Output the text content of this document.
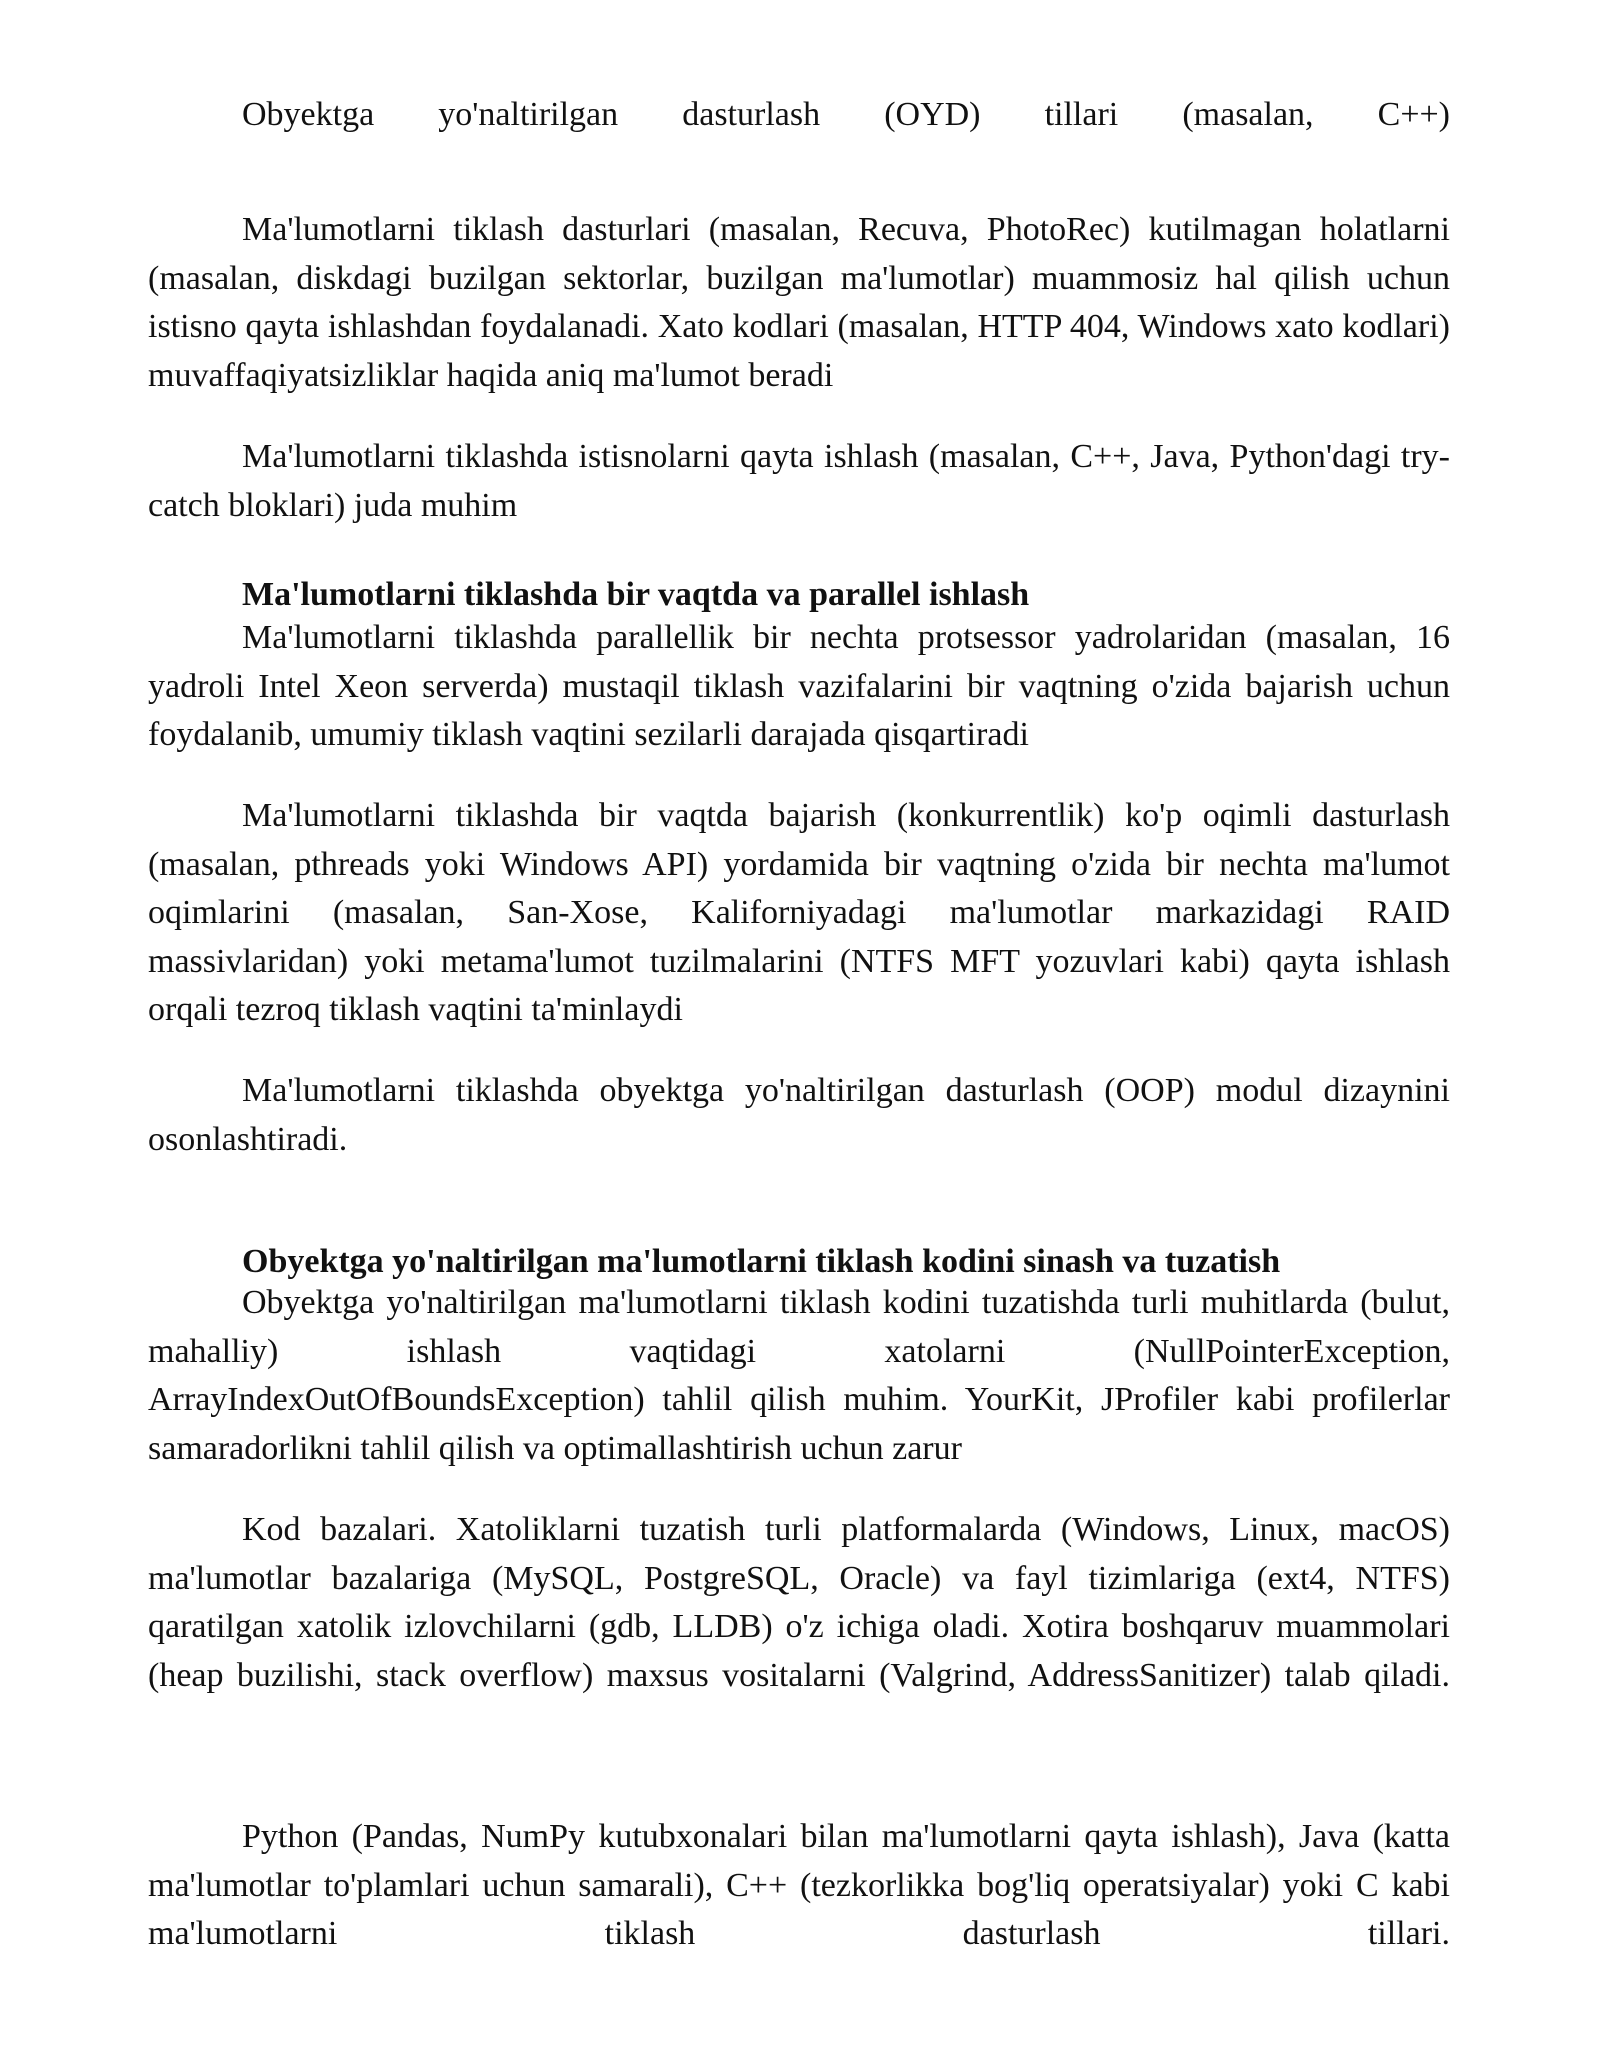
Obyektga yo'naltirilgan dasturlash (OYD) tillari (masalan, C++)

Ma'lumotlarni tiklash dasturlari (masalan, Recuva, PhotoRec) kutilmagan holatlarni (masalan, diskdagi buzilgan sektorlar, buzilgan ma'lumotlar) muammosiz hal qilish uchun istisno qayta ishlashdan foydalanadi. Xato kodlari (masalan, HTTP 404, Windows xato kodlari) muvaffaqiyatsizliklar haqida aniq ma'lumot beradi

Ma'lumotlarni tiklashda istisnolarni qayta ishlash (masalan, C++, Java, Python'dagi try-catch bloklari) juda muhim

Ma'lumotlarni tiklashda bir vaqtda va parallel ishlash

Ma'lumotlarni tiklashda parallellik bir nechta protsessor yadrolaridan (masalan, 16 yadroli Intel Xeon serverda) mustaqil tiklash vazifalarini bir vaqtning o'zida bajarish uchun foydalanib, umumiy tiklash vaqtini sezilarli darajada qisqartiradi

Ma'lumotlarni tiklashda bir vaqtda bajarish (konkurrentlik) ko'p oqimli dasturlash (masalan, pthreads yoki Windows API) yordamida bir vaqtning o'zida bir nechta ma'lumot oqimlarini (masalan, San-Xose, Kaliforniyadagi ma'lumotlar markazidagi RAID massivlaridan) yoki metama'lumot tuzilmalarini (NTFS MFT yozuvlari kabi) qayta ishlash orqali tezroq tiklash vaqtini ta'minlaydi

Ma'lumotlarni tiklashda obyektga yo'naltirilgan dasturlash (OOP) modul dizaynini osonlashtiradi.

Obyektga yo'naltirilgan ma'lumotlarni tiklash kodini sinash va tuzatish

Obyektga yo'naltirilgan ma'lumotlarni tiklash kodini tuzatishda turli muhitlarda (bulut, mahalliy) ishlash vaqtidagi xatolarni (NullPointerException, ArrayIndexOutOfBoundsException) tahlil qilish muhim. YourKit, JProfiler kabi profilerlar samaradorlikni tahlil qilish va optimallashtirish uchun zarur

Kod bazalari. Xatoliklarni tuzatish turli platformalarda (Windows, Linux, macOS) ma'lumotlar bazalariga (MySQL, PostgreSQL, Oracle) va fayl tizimlariga (ext4, NTFS) qaratilgan xatolik izlovchilarni (gdb, LLDB) o'z ichiga oladi. Xotira boshqaruv muammolari (heap buzilishi, stack overflow) maxsus vositalarni (Valgrind, AddressSanitizer) talab qiladi.

Python (Pandas, NumPy kutubxonalari bilan ma'lumotlarni qayta ishlash), Java (katta ma'lumotlar to'plamlari uchun samarali), C++ (tezkorlikka bog'liq operatsiyalar) yoki C kabi ma'lumotlarni tiklash dasturlash tillari.
